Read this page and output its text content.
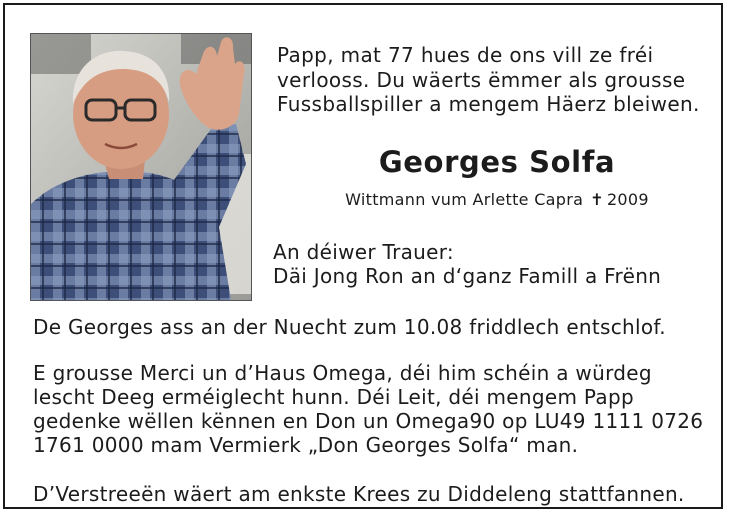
Papp, mat 77 hues de ons vill ze fréi
verlooss. Du wäerts ëmmer als grousse
Fussballspiller a mengem Häerz bleiwen.
Georges Solfa
Wittmann vum Arlette Capra ✝ 2009
An déiwer Trauer:
Däi Jong Ron an d‘ganz Famill a Frënn
De Georges ass an der Nuecht zum 10.08 friddlech entschlof.
E grousse Merci un d’Haus Omega, déi him schéin a würdeg
lescht Deeg erméiglecht hunn. Déi Leit, déi mengem Papp
gedenke wëllen kënnen en Don un Omega90 op LU49 1111 0726
1761 0000 mam Vermierk „Don Georges Solfa“ man.
D’Verstreeën wäert am enkste Krees zu Diddeleng stattfannen.
